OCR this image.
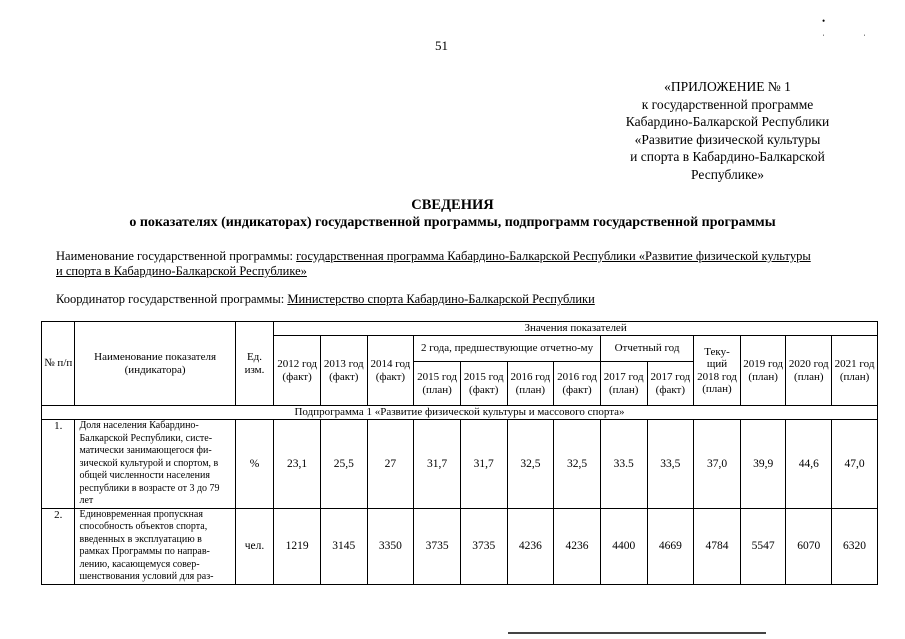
51
•ˌˌ
«ПРИЛОЖЕНИЕ № 1
к государственной программе
Кабардино-Балкарской Республики
«Развитие физической культуры
и спорта в Кабардино-Балкарской
Республике»
СВЕДЕНИЯ
о показателях (индикаторах) государственной программы, подпрограмм государственной программы
Наименование государственной программы: государственная программа Кабардино-Балкарской Республики «Развитие физической культуры
и спорта в Кабардино-Балкарской Республике»
Координатор государственной программы: Министерство спорта Кабардино-Балкарской Республики
№ п/п	Наименование показателя (индикатора)	Ед. изм.	Значения показателей												
			2012 год (факт)	2013 год (факт)	2014 год (факт)	2 года, предшествующие отчетно-му				Отчетный год		Теку-щий 2018 год (план)	2019 год (план)	2020 год (план)	2021 год (план)
						2015 год (план)	2015 год (факт)	2016 год (план)	2016 год (факт)	2017 год (план)	2017 год (факт)				
Подпрограмма 1 «Развитие физической культуры и массового спорта»															
1.	Доля населения Кабардино-Балкарской Республики, систе-матически занимающегося фи-зической культурой и спортом, в общей численности населения республики в возрасте от 3 до 79 лет	%	23,1	25,5	27	31,7	31,7	32,5	32,5	33.5	33,5	37,0	39,9	44,6	47,0
2.	Единовременная пропускная способность объектов спорта, введенных в эксплуатацию в рамках Программы по направ-лению, касающемуся совер-шенствования условий для раз-	чел.	1219	3145	3350	3735	3735	4236	4236	4400	4669	4784	5547	6070	6320
